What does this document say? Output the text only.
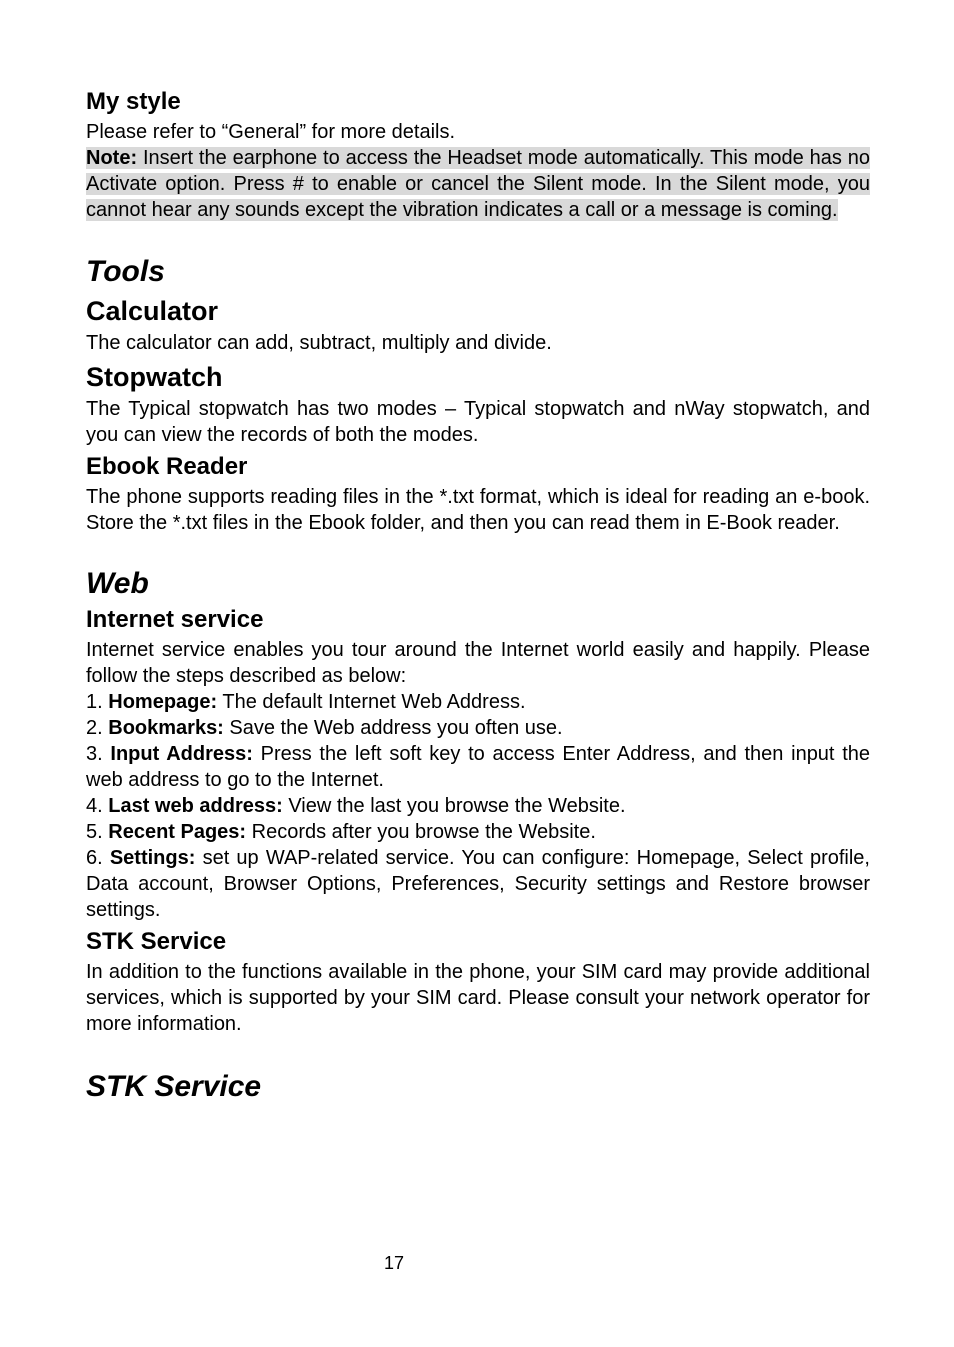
My style

Please refer to “General” for more details.

Note: Insert the earphone to access the Headset mode automatically. This mode has no Activate option. Press # to enable or cancel the Silent mode. In the Silent mode, you cannot hear any sounds except the vibration indicates a call or a message is coming.

Tools
Calculator

The calculator can add, subtract, multiply and divide.

Stopwatch

The Typical stopwatch has two modes – Typical stopwatch and nWay stopwatch, and you can view the records of both the modes.

Ebook Reader

The phone supports reading files in the *.txt format, which is ideal for reading an e-book. Store the *.txt files in the Ebook folder, and then you can read them in E-Book reader.

Web
Internet service

Internet service enables you tour around the Internet world easily and happily. Please follow the steps described as below:

1. Homepage: The default Internet Web Address.

2. Bookmarks: Save the Web address you often use.

3. Input Address: Press the left soft key to access Enter Address, and then input the web address to go to the Internet.

4. Last web address: View the last you browse the Website.

5. Recent Pages: Records after you browse the Website.

6. Settings: set up WAP-related service. You can configure: Homepage, Select profile, Data account, Browser Options, Preferences, Security settings and Restore browser settings.

STK Service

In addition to the functions available in the phone, your SIM card may provide additional services, which is supported by your SIM card. Please consult your network operator for more information.

STK Service
17
